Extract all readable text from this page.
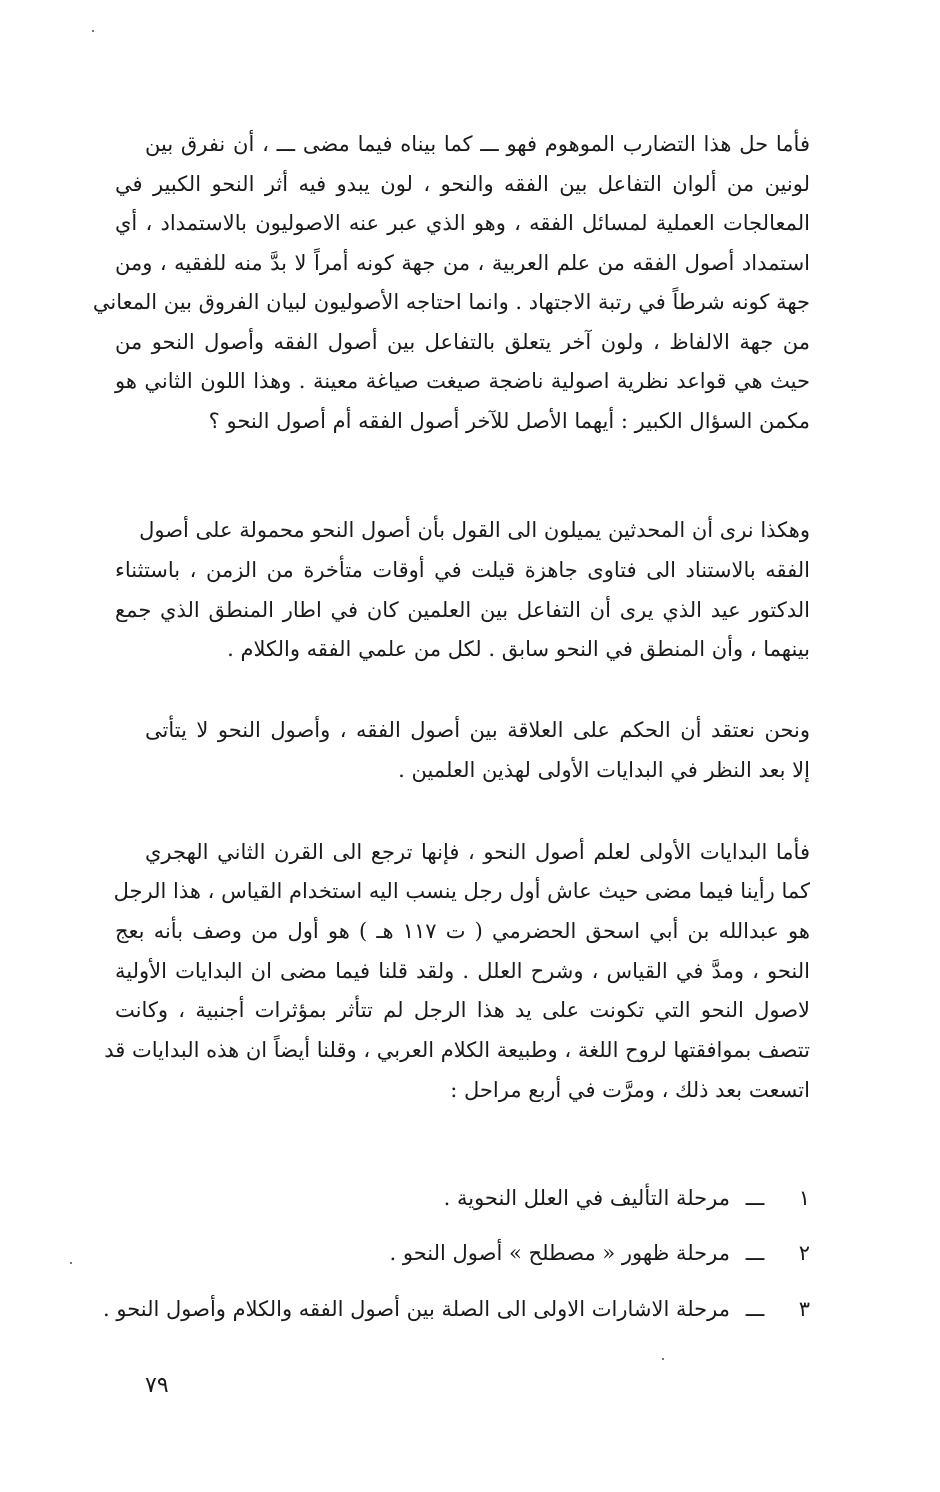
فأما حل هذا التضارب الموهوم فهو ـــ كما بيناه فيما مضى ـــ ، أن نفرق بين
لونين من ألوان التفاعل بين الفقه والنحو ، لون يبدو فيه أثر النحو الكبير في
المعالجات العملية لمسائل الفقه ، وهو الذي عبر عنه الاصوليون بالاستمداد ، أي
استمداد أصول الفقه من علم العربية ، من جهة كونه أمراً لا بدَّ منه للفقيه ، ومن
جهة كونه شرطاً في رتبة الاجتهاد . وانما احتاجه الأصوليون لبيان الفروق بين المعاني
من جهة الالفاظ ، ولون آخر يتعلق بالتفاعل بين أصول الفقه وأصول النحو من
حيث هي قواعد نظرية اصولية ناضجة صيغت صياغة معينة . وهذا اللون الثاني هو
مكمن السؤال الكبير : أيهما الأصل للآخر أصول الفقه أم أصول النحو ؟
وهكذا نرى أن المحدثين يميلون الى القول بأن أصول النحو محمولة على أصول
الفقه بالاستناد الى فتاوى جاهزة قيلت في أوقات متأخرة من الزمن ، باستثناء
الدكتور عيد الذي يرى أن التفاعل بين العلمين كان في اطار المنطق الذي جمع
بينهما ، وأن المنطق في النحو سابق . لكل من علمي الفقه والكلام .
ونحن نعتقد أن الحكم على العلاقة بين أصول الفقه ، وأصول النحو لا يتأتى
إلا بعد النظر في البدايات الأولى لهذين العلمين .
فأما البدايات الأولى لعلم أصول النحو ، فإنها ترجع الى القرن الثاني الهجري
كما رأينا فيما مضى حيث عاش أول رجل ينسب اليه استخدام القياس ، هذا الرجل
هو عبدالله بن أبي اسحق الحضرمي ( ت ١١٧ هـ ) هو أول من وصف بأنه بعج
النحو ، ومدَّ في القياس ، وشرح العلل . ولقد قلنا فيما مضى ان البدايات الأولية
لاصول النحو التي تكونت على يد هذا الرجل لم تتأثر بمؤثرات أجنبية ، وكانت
تتصف بموافقتها لروح اللغة ، وطبيعة الكلام العربي ، وقلنا أيضاً ان هذه البدايات قد
اتسعت بعد ذلك ، ومرَّت في أربع مراحل :
١ـــمرحلة التأليف في العلل النحوية .
٢ـــمرحلة ظهور « مصطلح » أصول النحو .
٣ـــمرحلة الاشارات الاولى الى الصلة بين أصول الفقه والكلام وأصول النحو .
٧٩
